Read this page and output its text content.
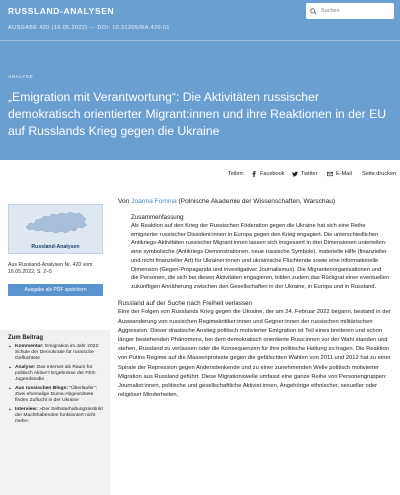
RUSSLAND-ANALYSEN
AUSGABE 420 (16.05.2022) — DOI: 10.31205/RA.420.01
Suchen
ANALYSE
„Emigration mit Verantwortung“: Die Aktivitäten russischer demokratisch orientierter Migrant:innen und ihre Reaktionen in der EU auf Russlands Krieg gegen die Ukraine
Teilen:	Facebook	Twitter	E-Mail Seite drucken
Russland-Analysen
Aus Russland-Analysen Nr. 420 vom 16.05.2022, S. 2–5
Ausgabe als PDF speichern
Zum Beitrag
▪ Kommentar: Emigration im Jahr 2022: Schule der Demokratie für russische Geflüchtete
▪ Analyse: Das Internet als Raum für politisch Aktive? Ergebnisse der FES-Jugendstudie
▪ Aus russischen Blogs: "Überläufer": Zwei ehemalige Duma-Abgeordnete finden Zuflucht in der Ukraine
▪ Interview: »Der Selbsterhaltungsinstinkt der Machthabenden funktioniert nicht mehr«

Von Joanna Fomina (Polnische Akademie der Wissenschaften, Warschau)

Zusammenfassung

Als Reaktion auf den Krieg der Russischen Föderation gegen die Ukraine hat sich eine Reihe emigrierter russischer Dissident:innen in Europa gegen den Krieg engagiert. Die unterschiedlichen Antikriegs-Aktivitäten russischer Migrant:innen lassen sich insgesamt in drei Dimensionen unterteilen: eine symbolische (Antikriegs-Demonstrationen, neue russische Symbole), materielle Hilfe (finanzieller und nicht finanzieller Art) für Ukrainer:innen und ukrainische Flüchtende sowie eine informationelle Dimension (Gegen-Propaganda und investigativer Journalismus). Die Migrantenorganisationen und die Personen, die sich bei diesen Aktivitäten engagieren, bilden zudem das Rückgrat einer eventuellen zukünftigen Annäherung zwischen den Gesellschaften in der Ukraine, in Europa und in Russland.

Russland auf der Suche nach Freiheit verlassen

Eine der Folgen von Russlands Krieg gegen die Ukraine, der am 24. Februar 2022 begann, bestand in der Auswanderung von russischen Regimekritiker:innen und Gegner:innen der russischen militärischen Aggression. Dieser drastische Anstieg politisch motivierter Emigration ist Teil eines breiteren und schon länger bestehenden Phänomens, bei dem demokratisch orientierte Russ:innen vor der Wahl standen und stehen, Russland zu verlassen oder die Konsequenzen für ihre politische Haltung zu tragen. Die Reaktion von Putins Regime auf die Massenproteste gegen die gefälschten Wahlen von 2011 und 2012 hat zu einer Spirale der Repression gegen Andersdenkende und zu einer zunehmenden Welle politisch motivierter Migration aus Russland geführt. Diese Migrationswelle umfasst eine ganze Reihe von Personengruppen: Journalist:innen, politische und gesellschaftliche Aktivist:innen, Angehörige ethnischer, sexueller oder religiöser Minderheiten,
